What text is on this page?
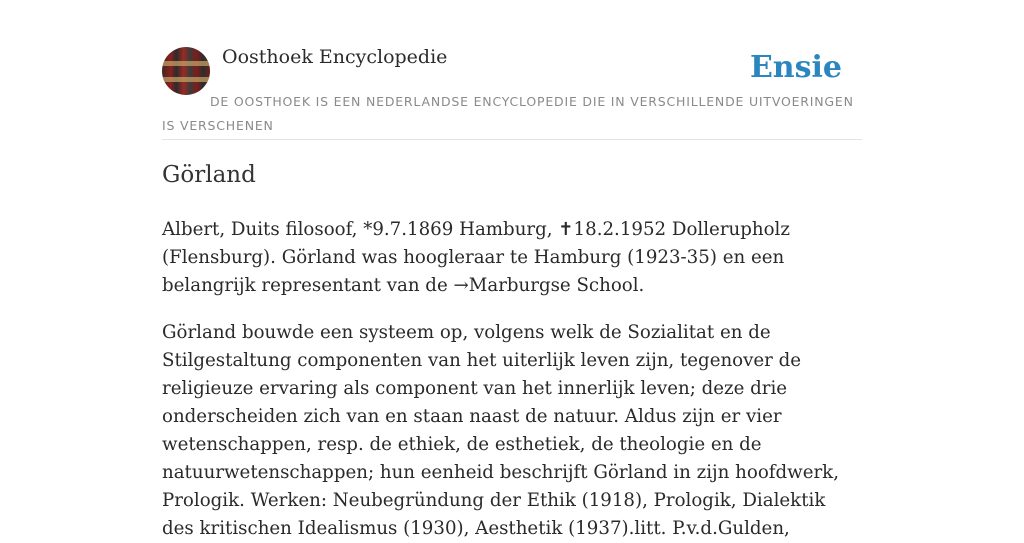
Oosthoek Encyclopedie	Ensie
DE OOSTHOEK IS EEN NEDERLANDSE ENCYCLOPEDIE DIE IN VERSCHILLENDE UITVOERINGEN IS VERSCHENEN
Görland

Albert, Duits filosoof, *9.7.1869 Hamburg, ✝18.2.1952 Dollerupholz (Flensburg). Görland was hoogleraar te Hamburg (1923-35) en een belangrijk representant van de →Marburgse School.

Görland bouwde een systeem op, volgens welk de Sozialitat en de Stilgestaltung componenten van het uiterlijk leven zijn, tegenover de religieuze ervaring als component van het innerlijk leven; deze drie onderscheiden zich van en staan naast de natuur. Aldus zijn er vier wetenschappen, resp. de ethiek, de esthetiek, de theologie en de natuurwetenschappen; hun eenheid beschrijft Görland in zijn hoofdwerk, Prologik. Werken: Neubegründung der Ethik (1918), Prologik, Dialektik des kritischen Idealismus (1930), Aesthetik (1937).litt. P.v.d.Gulden,
